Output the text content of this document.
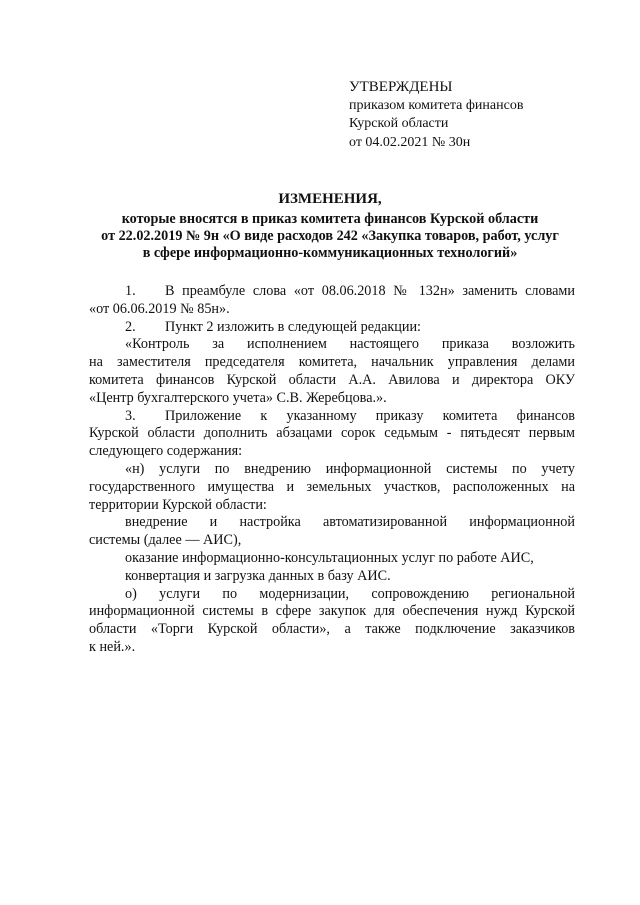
УТВЕРЖДЕНЫ
приказом комитета финансов
Курской области
от 04.02.2021 № 30н
ИЗМЕНЕНИЯ,
которые вносятся в приказ комитета финансов Курской области
от 22.02.2019 № 9н «О виде расходов 242 «Закупка товаров, работ, услуг
в сфере информационно-коммуникационных технологий»
1.	В преамбуле слова «от 08.06.2018 № 132н» заменить словами
«от 06.06.2019 № 85н».
2.	Пункт 2 изложить в следующей редакции:
«Контроль за исполнением настоящего приказа возложить
на заместителя председателя комитета, начальник управления делами
комитета финансов Курской области А.А. Авилова и директора ОКУ
«Центр бухгалтерского учета» С.В. Жеребцова.».
3.	Приложение к указанному приказу комитета финансов
Курской области дополнить абзацами сорок седьмым - пятьдесят первым
следующего содержания:
«н) услуги по внедрению информационной системы по учету
государственного имущества и земельных участков, расположенных на
территории Курской области:
внедрение и настройка автоматизированной информационной
системы (далее — АИС),
оказание информационно-консультационных услуг по работе АИС,
конвертация и загрузка данных в базу АИС.
о) услуги по модернизации, сопровождению региональной
информационной системы в сфере закупок для обеспечения нужд Курской
области «Торги Курской области», а также подключение заказчиков
к ней.».
